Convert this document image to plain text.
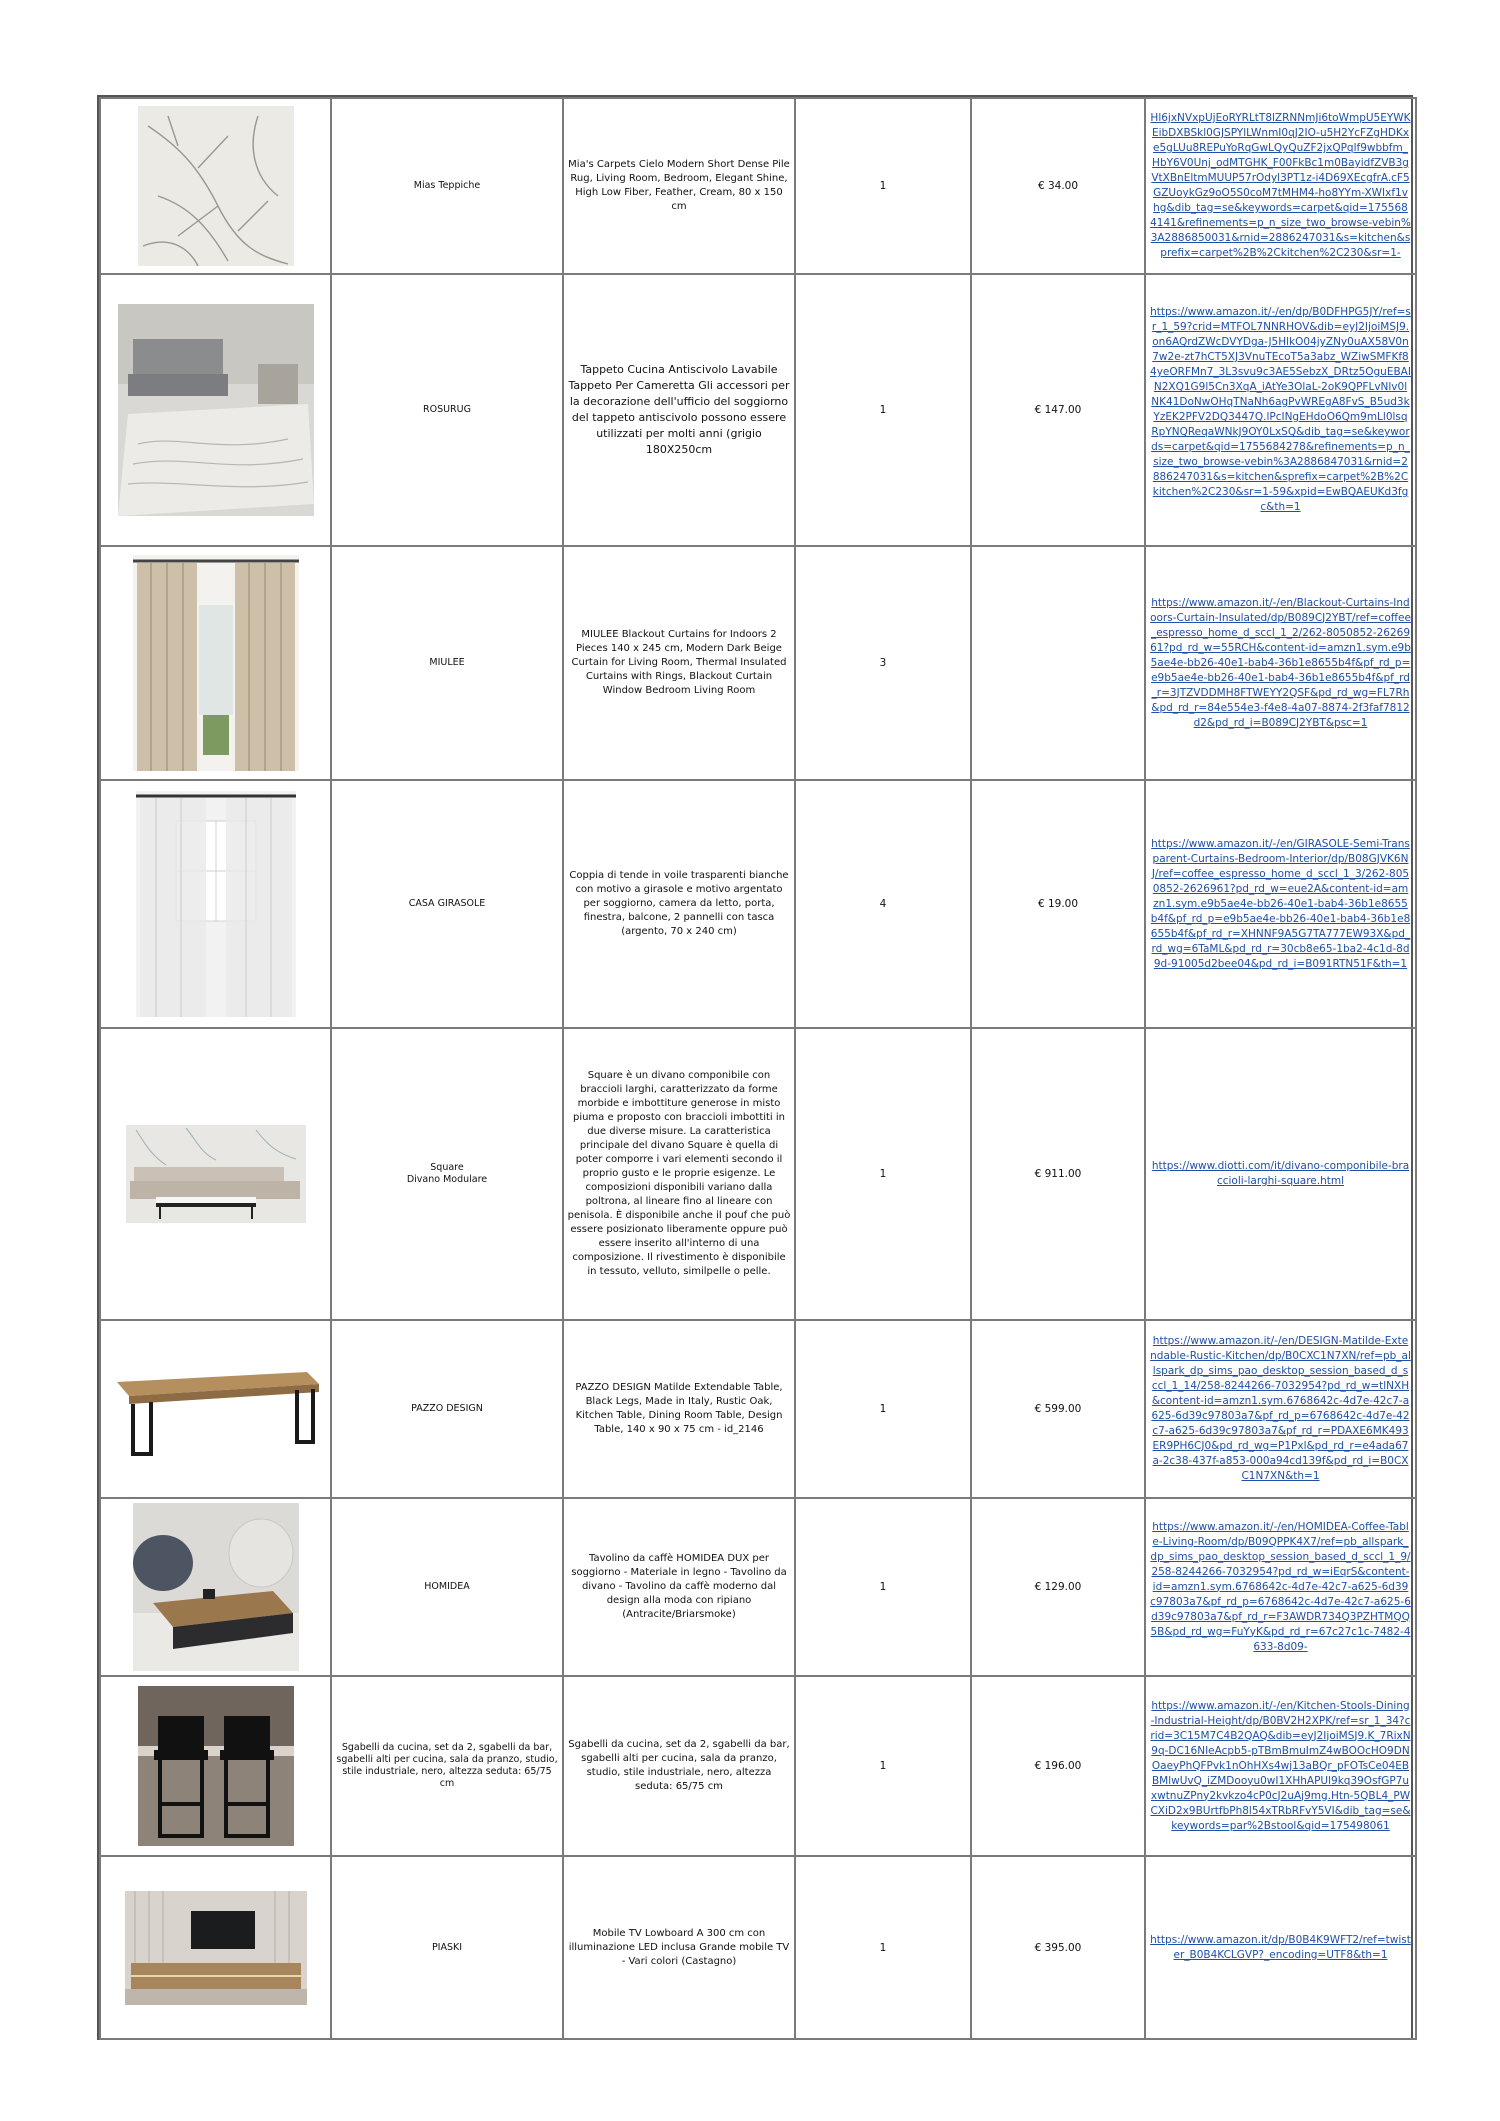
	Mias Teppiche	Mia's Carpets Cielo Modern Short Dense Pile Rug, Living Room, Bedroom, Elegant Shine, High Low Fiber, Feather, Cream, 80 x 150 cm	1	€ 34.00	Hl6jxNVxpUjEoRYRLtT8lZRNNmJi6toWmpU5EYWKEibDXBSkl0GJSPYlLWnmI0qJ2IO-u5H2YcFZgHDKxe5gLUu8REPuYoRqGwLQyQuZF2jxQPqlf9wbbfm_HbY6V0Unj_odMTGHK_F00FkBc1m0BayidfZVB3gVtXBnEltmMUUP57rOdyl3PT1z-i4D69XEcgfrA.cF5GZUoykGz9oO5S0coM7tMHM4-ho8YYm-XWIxf1vhg&dib_tag=se&keywords=carpet&qid=1755684141&refinements=p_n_size_two_browse-vebin%3A2886850031&rnid=2886247031&s=kitchen&sprefix=carpet%2B%2Ckitchen%2C230&sr=1-

	ROSURUG	Tappeto Cucina Antiscivolo Lavabile Tappeto Per Cameretta Gli accessori per la decorazione dell'ufficio del soggiorno del tappeto antiscivolo possono essere utilizzati per molti anni (grigio 180X250cm	1	€ 147.00	https://www.amazon.it/-/en/dp/B0DFHPG5JY/ref=sr_1_59?crid=MTFOL7NNRHOV&dib=eyJ2IjoiMSJ9.on6AQrdZWcDVYDga-J5HlkO04jyZNy0uAX58V0n7w2e-zt7hCT5XJ3VnuTEcoT5a3abz_WZiwSMFKf84yeORFMn7_3L3svu9c3AE5SebzX_DRtz5OguEBAIN2XQ1G9l5Cn3XqA_iAtYe3OlaL-2oK9QPFLvNlv0lNK41DoNwOHqTNaNh6agPvWREgA8FvS_B5ud3kYzEK2PFV2DQ3447Q.lPcINgEHdoO6Qm9mLl0lsqRpYNQReqaWNkJ9OY0LxSQ&dib_tag=se&keywords=carpet&qid=1755684278&refinements=p_n_size_two_browse-vebin%3A2886847031&rnid=2886247031&s=kitchen&sprefix=carpet%2B%2Ckitchen%2C230&sr=1-59&xpid=EwBQAEUKd3fgc&th=1

	MIULEE	MIULEE Blackout Curtains for Indoors 2 Pieces 140 x 245 cm, Modern Dark Beige Curtain for Living Room, Thermal Insulated Curtains with Rings, Blackout Curtain Window Bedroom Living Room	3		https://www.amazon.it/-/en/Blackout-Curtains-Indoors-Curtain-Insulated/dp/B089CJ2YBT/ref=coffee_espresso_home_d_sccl_1_2/262-8050852-2626961?pd_rd_w=55RCH&content-id=amzn1.sym.e9b5ae4e-bb26-40e1-bab4-36b1e8655b4f&pf_rd_p=e9b5ae4e-bb26-40e1-bab4-36b1e8655b4f&pf_rd_r=3JTZVDDMH8FTWEYY2QSF&pd_rd_wg=FL7Rh&pd_rd_r=84e554e3-f4e8-4a07-8874-2f3faf7812d2&pd_rd_i=B089CJ2YBT&psc=1

	CASA GIRASOLE	Coppia di tende in voile trasparenti bianche con motivo a girasole e motivo argentato per soggiorno, camera da letto, porta, finestra, balcone, 2 pannelli con tasca (argento, 70 x 240 cm)	4	€ 19.00	https://www.amazon.it/-/en/GIRASOLE-Semi-Transparent-Curtains-Bedroom-Interior/dp/B08GJVK6NJ/ref=coffee_espresso_home_d_sccl_1_3/262-8050852-2626961?pd_rd_w=eue2A&content-id=amzn1.sym.e9b5ae4e-bb26-40e1-bab4-36b1e8655b4f&pf_rd_p=e9b5ae4e-bb26-40e1-bab4-36b1e8655b4f&pf_rd_r=XHNNF9A5G7TA777EW93X&pd_rd_wg=6TaML&pd_rd_r=30cb8e65-1ba2-4c1d-8d9d-91005d2bee04&pd_rd_i=B091RTN51F&th=1

	Square
Divano Modulare	Square è un divano componibile con braccioli larghi, caratterizzato da forme morbide e imbottiture generose in misto piuma e proposto con braccioli imbottiti in due diverse misure. La caratteristica principale del divano Square è quella di poter comporre i vari elementi secondo il proprio gusto e le proprie esigenze. Le composizioni disponibili variano dalla poltrona, al lineare fino al lineare con penisola. È disponibile anche il pouf che può essere posizionato liberamente oppure può essere inserito all'interno di una composizione. Il rivestimento è disponibile in tessuto, velluto, similpelle o pelle.	1	€ 911.00	https://www.diotti.com/it/divano-componibile-braccioli-larghi-square.html

	PAZZO DESIGN	PAZZO DESIGN Matilde Extendable Table, Black Legs, Made in Italy, Rustic Oak, Kitchen Table, Dining Room Table, Design Table, 140 x 90 x 75 cm - id_2146	1	€ 599.00	https://www.amazon.it/-/en/DESIGN-Matilde-Extendable-Rustic-Kitchen/dp/B0CXC1N7XN/ref=pb_allspark_dp_sims_pao_desktop_session_based_d_sccl_1_14/258-8244266-7032954?pd_rd_w=tlNXH&content-id=amzn1.sym.6768642c-4d7e-42c7-a625-6d39c97803a7&pf_rd_p=6768642c-4d7e-42c7-a625-6d39c97803a7&pf_rd_r=PDAXE6MK493ER9PH6CJ0&pd_rd_wg=P1Pxl&pd_rd_r=e4ada67a-2c38-437f-a853-000a94cd139f&pd_rd_i=B0CXC1N7XN&th=1

	HOMIDEA	Tavolino da caffè HOMIDEA DUX per soggiorno - Materiale in legno - Tavolino da divano - Tavolino da caffè moderno dal design alla moda con ripiano (Antracite/Briarsmoke)	1	€ 129.00	https://www.amazon.it/-/en/HOMIDEA-Coffee-Table-Living-Room/dp/B09QPPK4X7/ref=pb_allspark_dp_sims_pao_desktop_session_based_d_sccl_1_9/258-8244266-7032954?pd_rd_w=iEqrS&content-id=amzn1.sym.6768642c-4d7e-42c7-a625-6d39c97803a7&pf_rd_p=6768642c-4d7e-42c7-a625-6d39c97803a7&pf_rd_r=F3AWDR734Q3PZHTMQQ5B&pd_rd_wg=FuYyK&pd_rd_r=67c27c1c-7482-4633-8d09-

	Sgabelli da cucina, set da 2, sgabelli da bar, sgabelli alti per cucina, sala da pranzo, studio, stile industriale, nero, altezza seduta: 65/75 cm	Sgabelli da cucina, set da 2, sgabelli da bar, sgabelli alti per cucina, sala da pranzo, studio, stile industriale, nero, altezza seduta: 65/75 cm	1	€ 196.00	https://www.amazon.it/-/en/Kitchen-Stools-Dining-Industrial-Height/dp/B0BV2H2XPK/ref=sr_1_34?crid=3C15M7C4B2QAQ&dib=eyJ2IjoiMSJ9.K_7RixN9q-DC16NIeAcpb5-pTBmBmuImZ4wBOOcHO9DNOaeyPhQFPvk1nOhHXs4wj13aBQr_pFOTsCe04EBBMlwUvQ_iZMDooyu0wI1XHhAPUl9kq39OsfGP7uxwtnuZPny2kvkzo4cP0cJ2uAj9mg.Htn-5QBL4_PWCXiD2x9BUrtfbPh8l54xTRbRFvY5VI&dib_tag=se&keywords=par%2Bstool&qid=175498061

	PIASKI	Mobile TV Lowboard A 300 cm con illuminazione LED inclusa Grande mobile TV - Vari colori (Castagno)	1	€ 395.00	https://www.amazon.it/dp/B0B4K9WFT2/ref=twister_B0B4KCLGVP?_encoding=UTF8&th=1
